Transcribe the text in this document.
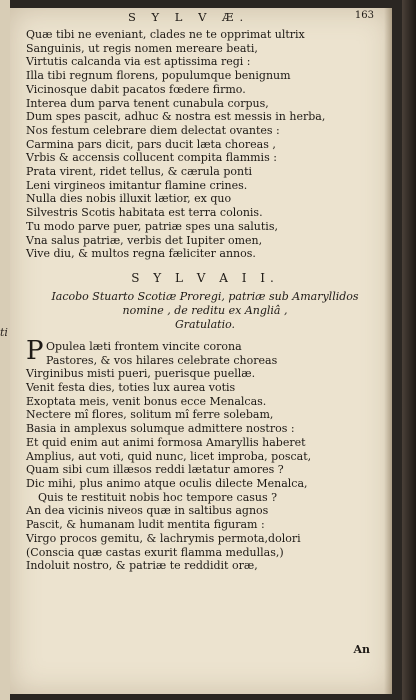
ti
S Y L V Æ.	163
Quæ tibi ne eveniant, clades ne te opprimat ultrix
Sanguinis, ut regis nomen mereare beati,
Virtutis calcanda via est aptissima regi :
Illa tibi regnum florens, populumque benignum
Vicinosque dabit pacatos fœdere firmo.
Interea dum parva tenent cunabula corpus,
Dum spes pascit, adhuc & nostra est messis in herba,
Nos festum celebrare diem delectat ovantes :
Carmina pars dicit, pars ducit læta choreas ,
Vrbis & accensis collucent compita flammis :
Prata virent, ridet tellus, & cærula ponti
Leni virgineos imitantur flamine crines.
Nulla dies nobis illuxit lætior, ex quo
Silvestris Scotis habitata est terra colonis.
Tu modo parve puer, patriæ spes una salutis,
Vna salus patriæ, verbis det Iupiter omen,
Vive diu, & multos regna fæliciter annos.
S Y L V A I I.
Iacobo Stuarto Scotiæ Proregi, patriæ sub Amaryllidos
nomine , de reditu ex Angliâ ,
Gratulatio.
P Opulea læti frontem vincite corona
Pastores, & vos hilares celebrate choreas
Virginibus misti pueri, puerisque puellæ.
Venit festa dies, toties lux aurea votis
Exoptata meis, venit bonus ecce Menalcas.
Nectere mî flores, solitum mî ferre solebam,
Basia in amplexus solumque admittere nostros :
Et quid enim aut animi formosa Amaryllis haberet
Amplius, aut voti, quid nunc, licet improba, poscat,
Quam sibi cum illæsos reddi lætatur amores ?
Dic mihi, plus animo atque oculis dilecte Menalca,
Quis te restituit nobis hoc tempore casus ?
An dea vicinis niveos quæ in saltibus agnos
Pascit, & humanam ludit mentita figuram :
Virgo procos gemitu, & lachrymis permota,dolori
(Conscia quæ castas exurit flamma medullas,)
Indoluit nostro, & patriæ te reddidit oræ,
An
